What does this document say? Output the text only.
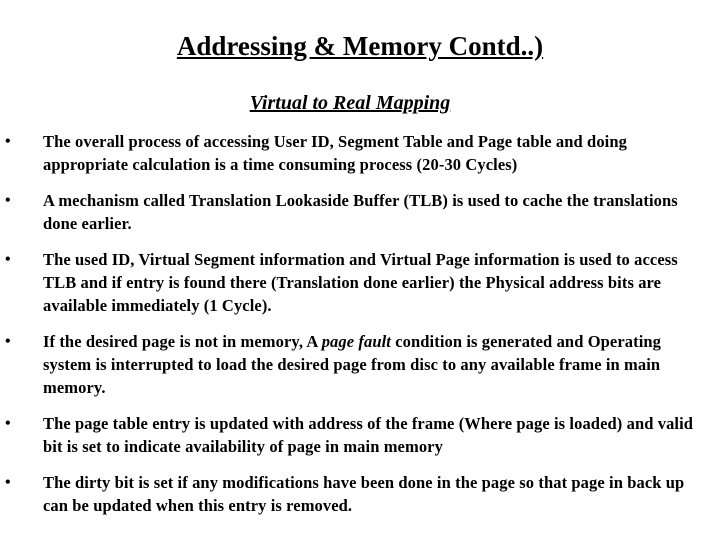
Addressing & Memory Contd..)
Virtual to Real Mapping
• The overall process of accessing User ID, Segment Table and Page table and doing appropriate calculation is a time consuming process (20-30 Cycles)
• A mechanism called Translation Lookaside Buffer (TLB) is used to cache the translations done earlier.
• The used ID, Virtual Segment information and Virtual Page information is used to access TLB and if entry is found there (Translation done earlier) the Physical address bits are available immediately (1 Cycle).
• If the desired page is not in memory, A page fault condition is generated and Operating system is interrupted to load the desired page from disc to any available frame in main memory.
• The page table entry is updated with address of the frame (Where page is loaded) and valid bit is set to indicate availability of page in main memory
• The dirty bit is set if any modifications have been done in the page so that page in back up can be updated when this entry is removed.
